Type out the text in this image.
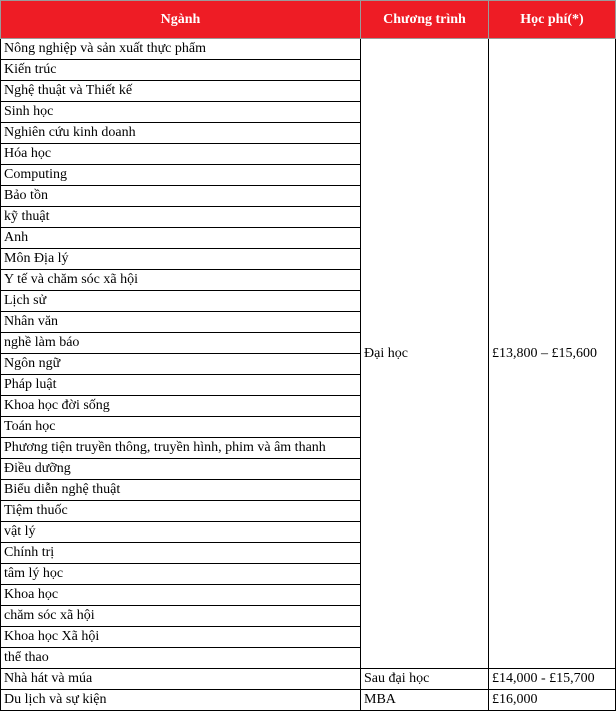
Ngành	Chương trình	Học phí(*)
Nông nghiệp và sản xuất thực phẩm	Đại học	£13,800 – £15,600
Kiến trúc		
Nghệ thuật và Thiết kế		
Sinh học		
Nghiên cứu kinh doanh		
Hóa học		
Computing		
Bảo tồn		
kỹ thuật		
Anh		
Môn Địa lý		
Y tế và chăm sóc xã hội		
Lịch sử		
Nhân văn		
nghề làm báo		
Ngôn ngữ		
Pháp luật		
Khoa học đời sống		
Toán học		
Phương tiện truyền thông, truyền hình, phim và âm thanh		
Điều dưỡng		
Biểu diễn nghệ thuật		
Tiệm thuốc		
vật lý		
Chính trị		
tâm lý học		
Khoa học		
chăm sóc xã hội		
Khoa học Xã hội		
thể thao		
Nhà hát và múa	Sau đại học	£14,000 - £15,700
Du lịch và sự kiện	MBA	£16,000
